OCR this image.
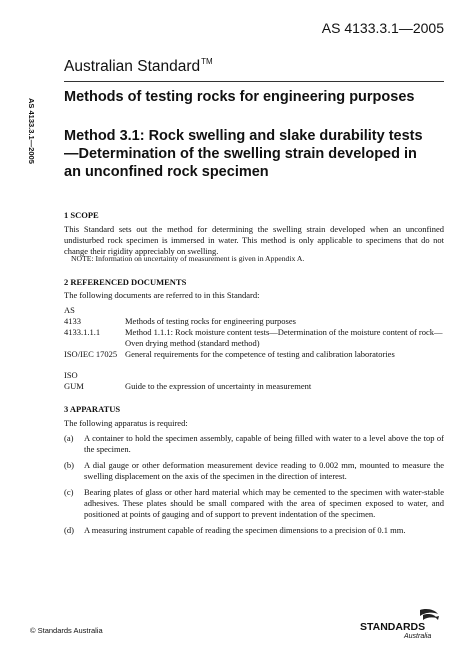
AS 4133.3.1—2005
Australian Standard™
AS 4133.3.1—2005
Methods of testing rocks for engineering purposes
Method 3.1: Rock swelling and slake durability tests—Determination of the swelling strain developed in an unconfined rock specimen
1 SCOPE
This Standard sets out the method for determining the swelling strain developed when an unconfined undisturbed rock specimen is immersed in water. This method is only applicable to specimens that do not change their rigidity appreciably on swelling.
NOTE: Information on uncertainty of measurement is given in Appendix A.
2 REFERENCED DOCUMENTS
The following documents are referred to in this Standard:
AS
4133	Methods of testing rocks for engineering purposes
4133.1.1.1	Method 1.1.1: Rock moisture content tests—Determination of the moisture content of rock—Oven drying method (standard method)
ISO/IEC 17025 General requirements for the competence of testing and calibration laboratories
ISO
GUM	Guide to the expression of uncertainty in measurement
3 APPARATUS
The following apparatus is required:
(a)	A container to hold the specimen assembly, capable of being filled with water to a level above the top of the specimen.
(b)	A dial gauge or other deformation measurement device reading to 0.002 mm, mounted to measure the swelling displacement on the axis of the specimen in the direction of interest.
(c)	Bearing plates of glass or other hard material which may be cemented to the specimen with water-stable adhesives. These plates should be small compared with the area of specimen exposed to water, and positioned at points of gauging and of support to prevent indentation of the specimen.
(d)	A measuring instrument capable of reading the specimen dimensions to a precision of 0.1 mm.
© Standards Australia	STANDARDS
Australia
